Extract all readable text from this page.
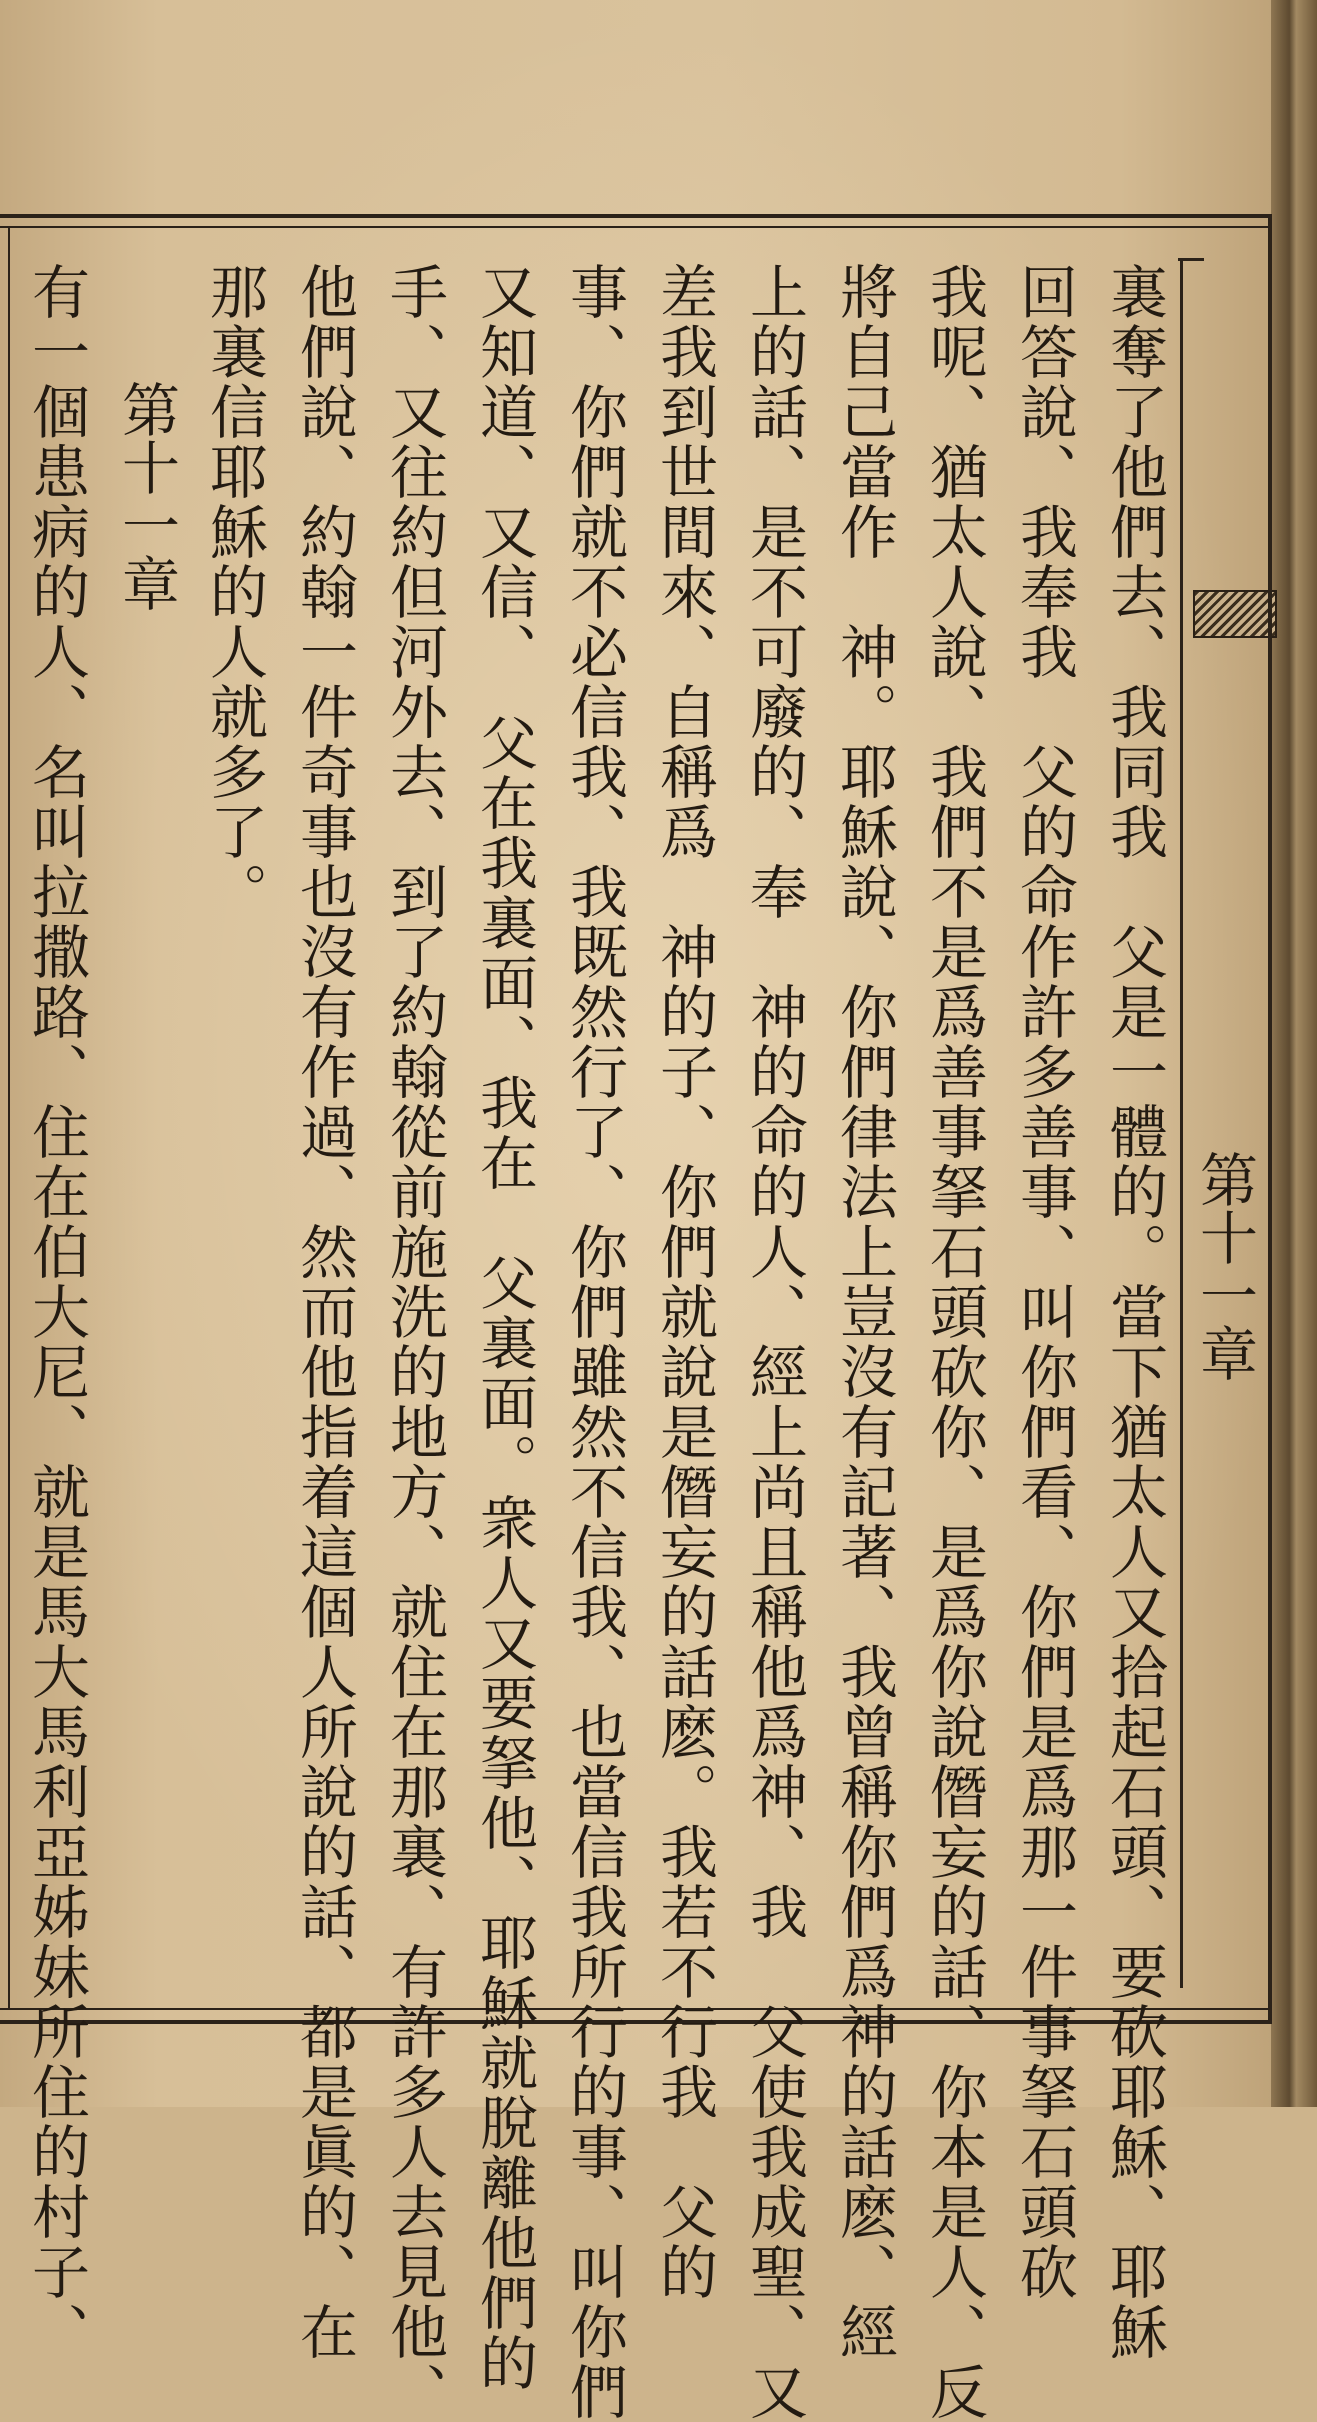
第十一章
裏奪了他們去、我同我　父是一體的。當下猶太人又拾起石頭、要砍耶穌、耶穌
回答說、我奉我　父的命作許多善事、叫你們看、你們是爲那一件事拏石頭砍
我呢、猶太人說、我們不是爲善事拏石頭砍你、是爲你說僭妄的話、你本是人、反
將自己當作　神。耶穌說、你們律法上豈沒有記著、我曾稱你們爲神的話麽、經
上的話、是不可廢的、奉　神的命的人、經上尚且稱他爲神、我　父使我成聖、又
差我到世間來、自稱爲　神的子、你們就說是僭妄的話麽。我若不行我　父的
事、你們就不必信我、我既然行了、你們雖然不信我、也當信我所行的事、叫你們
又知道、又信、　父在我裏面、我在　父裏面。衆人又要拏他、耶穌就脫離他們的
手、又往約但河外去、到了約翰從前施洗的地方、就住在那裏、有許多人去見他、
他們說、約翰一件奇事也沒有作過、然而他指着這個人所說的話、都是眞的、在
那裏信耶穌的人就多了。
第十一章
有一個患病的人、名叫拉撒路、住在伯大尼、就是馬大馬利亞姊妹所住的村子、
